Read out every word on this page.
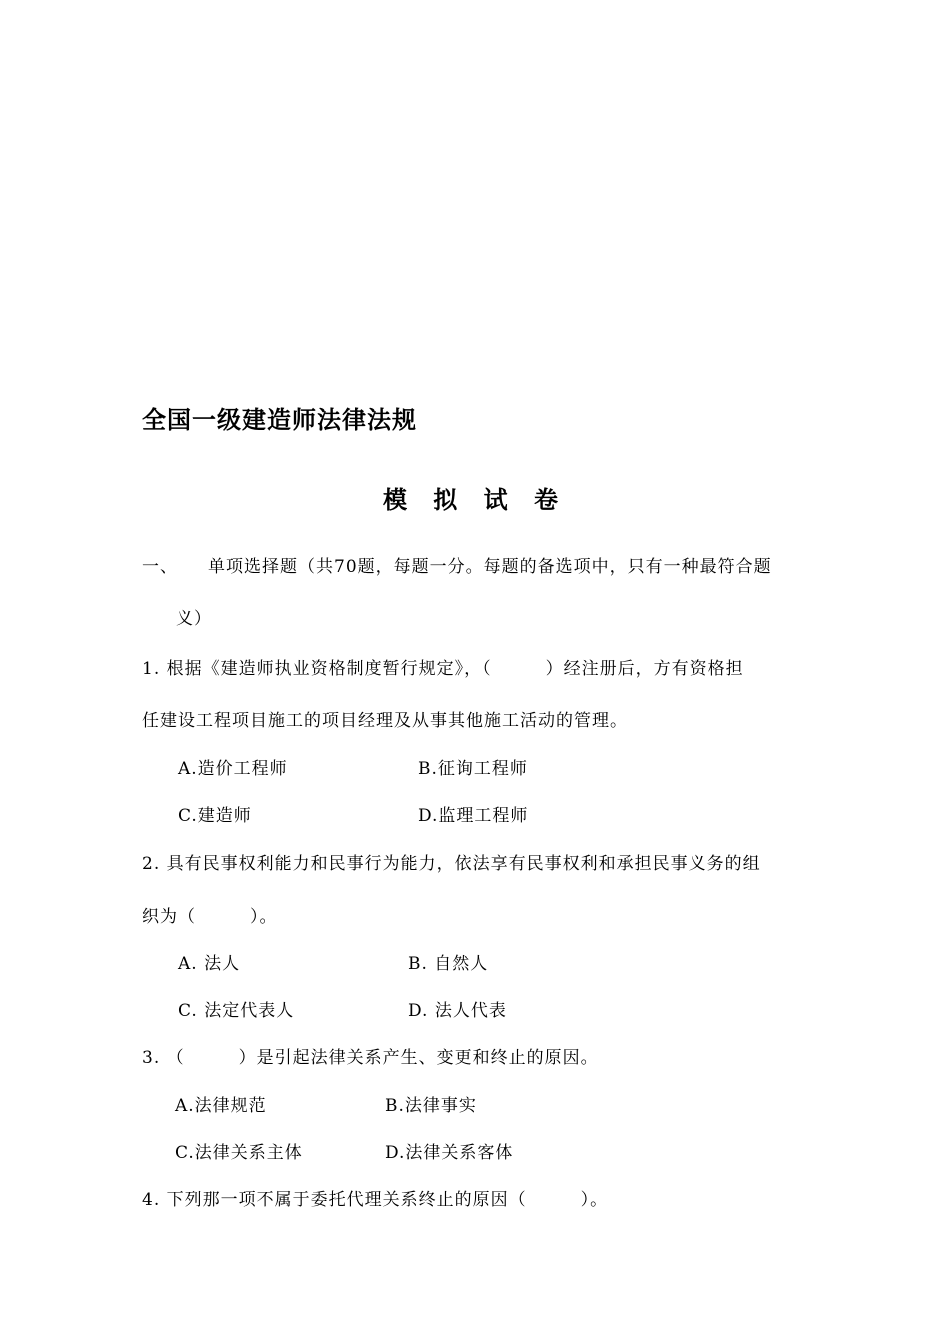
全国一级建造师法律法规
模 拟 试 卷
一、 单项选择题（共70题，每题一分。每题的备选项中，只有一种最符合题
义）
1. 根据《建造师执业资格制度暂行规定》，（　　　）经注册后，方有资格担
任建设工程项目施工的项目经理及从事其他施工活动的管理。
A.造价工程师	B.征询工程师
C.建造师	D.监理工程师
2. 具有民事权利能力和民事行为能力，依法享有民事权利和承担民事义务的组
织为（　　　）。
A. 法人	B. 自然人
C. 法定代表人	D. 法人代表
3. （　　　）是引起法律关系产生、变更和终止的原因。
A.法律规范	B.法律事实
C.法律关系主体	D.法律关系客体
4. 下列那一项不属于委托代理关系终止的原因（　　　）。
